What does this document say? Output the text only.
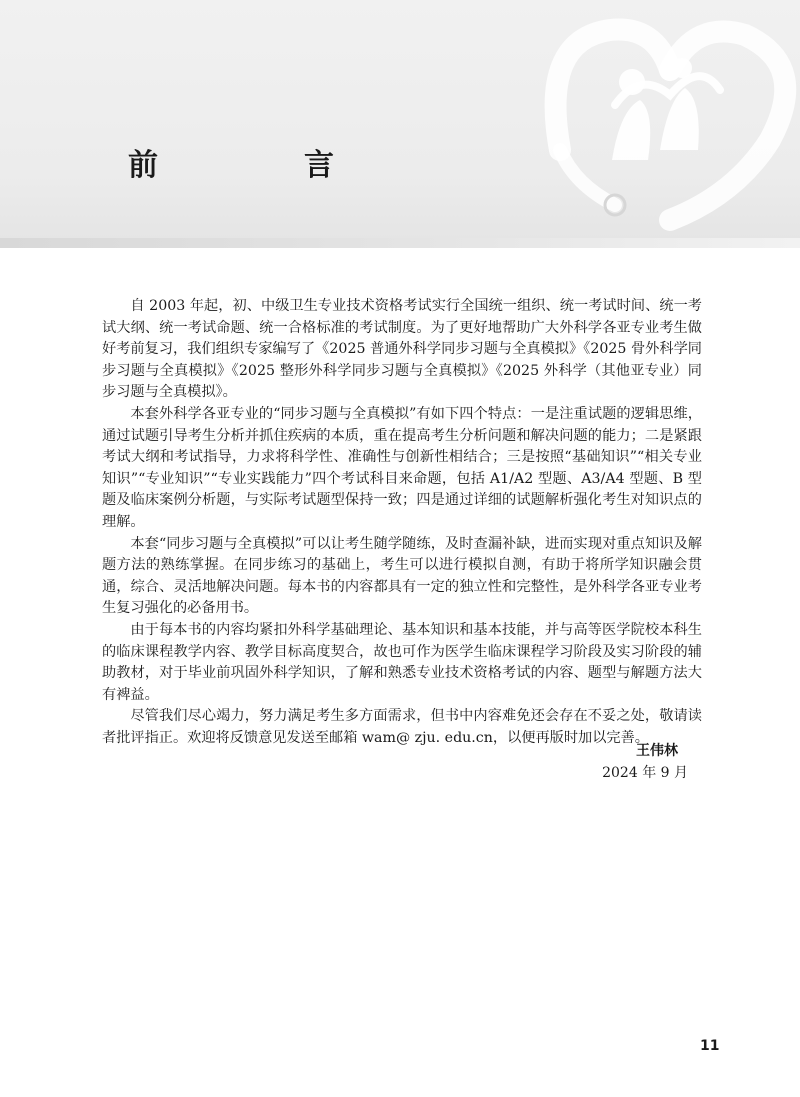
前　言

自 2003 年起，初、中级卫生专业技术资格考试实行全国统一组织、统一考试时间、统一考试大纲、统一考试命题、统一合格标准的考试制度。为了更好地帮助广大外科学各亚专业考生做好考前复习，我们组织专家编写了《2025 普通外科学同步习题与全真模拟》《2025 骨外科学同步习题与全真模拟》《2025 整形外科学同步习题与全真模拟》《2025 外科学（其他亚专业）同步习题与全真模拟》。

本套外科学各亚专业的“同步习题与全真模拟”有如下四个特点：一是注重试题的逻辑思维，通过试题引导考生分析并抓住疾病的本质，重在提高考生分析问题和解决问题的能力；二是紧跟考试大纲和考试指导，力求将科学性、准确性与创新性相结合；三是按照“基础知识”“相关专业知识”“专业知识”“专业实践能力”四个考试科目来命题，包括 A1/A2 型题、A3/A4 型题、B 型题及临床案例分析题，与实际考试题型保持一致；四是通过详细的试题解析强化考生对知识点的理解。

本套“同步习题与全真模拟”可以让考生随学随练，及时查漏补缺，进而实现对重点知识及解题方法的熟练掌握。在同步练习的基础上，考生可以进行模拟自测，有助于将所学知识融会贯通，综合、灵活地解决问题。每本书的内容都具有一定的独立性和完整性，是外科学各亚专业考生复习强化的必备用书。

由于每本书的内容均紧扣外科学基础理论、基本知识和基本技能，并与高等医学院校本科生的临床课程教学内容、教学目标高度契合，故也可作为医学生临床课程学习阶段及实习阶段的辅助教材，对于毕业前巩固外科学知识，了解和熟悉专业技术资格考试的内容、题型与解题方法大有裨益。

尽管我们尽心竭力，努力满足考生多方面需求，但书中内容难免还会存在不妥之处，敬请读者批评指正。欢迎将反馈意见发送至邮箱 wam@ zju. edu.cn，以便再版时加以完善。

王伟林
2024 年 9 月
11
